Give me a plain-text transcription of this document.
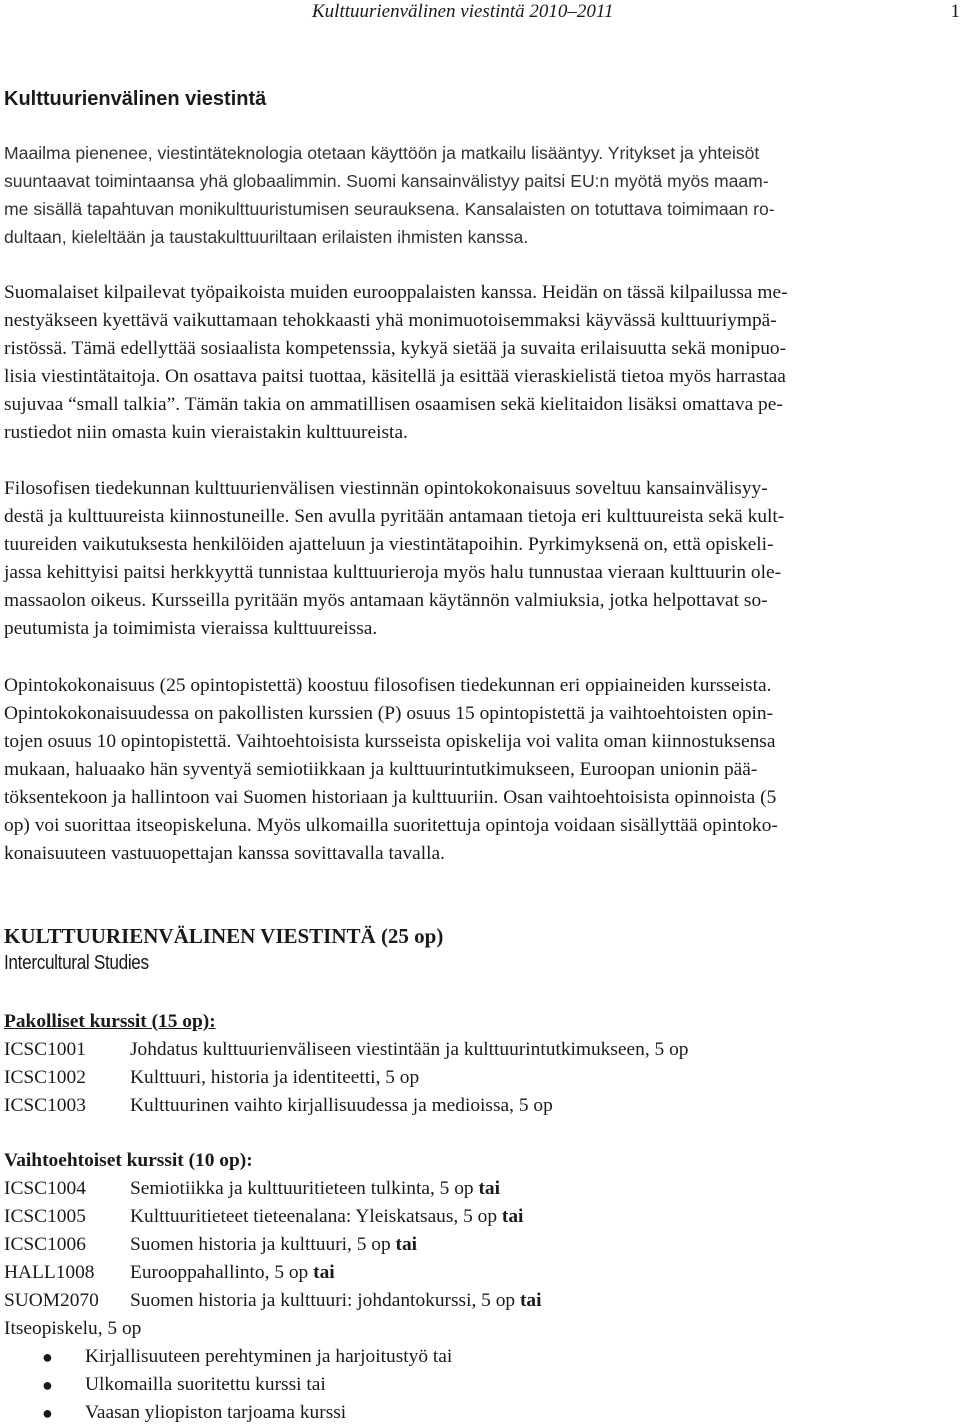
Kulttuurienvälinen viestintä 2010–2011	1
Kulttuurienvälinen viestintä
Maailma pienenee, viestintäteknologia otetaan käyttöön ja matkailu lisääntyy. Yritykset ja yhteisöt
suuntaavat toimintaansa yhä globaalimmin. Suomi kansainvälistyy paitsi EU:n myötä myös maam-
me sisällä tapahtuvan monikulttuuristumisen seurauksena. Kansalaisten on totuttava toimimaan ro-
dultaan, kieleltään ja taustakulttuuriltaan erilaisten ihmisten kanssa.
Suomalaiset kilpailevat työpaikoista muiden eurooppalaisten kanssa. Heidän on tässä kilpailussa me-
nestyäkseen kyettävä vaikuttamaan tehokkaasti yhä monimuotoisemmaksi käyvässä kulttuuriympä-
ristössä. Tämä edellyttää sosiaalista kompetenssia, kykyä sietää ja suvaita erilaisuutta sekä monipuo-
lisia viestintätaitoja. On osattava paitsi tuottaa, käsitellä ja esittää vieraskielistä tietoa myös harrastaa
sujuvaa “small talkia”. Tämän takia on ammatillisen osaamisen sekä kielitaidon lisäksi omattava pe-
rustiedot niin omasta kuin vieraistakin kulttuureista.
Filosofisen tiedekunnan kulttuurienvälisen viestinnän opintokokonaisuus soveltuu kansainvälisyy-
destä ja kulttuureista kiinnostuneille. Sen avulla pyritään antamaan tietoja eri kulttuureista sekä kult-
tuureiden vaikutuksesta henkilöiden ajatteluun ja viestintätapoihin. Pyrkimyksenä on, että opiskeli-
jassa kehittyisi paitsi herkkyyttä tunnistaa kulttuurieroja myös halu tunnustaa vieraan kulttuurin ole-
massaolon oikeus. Kursseilla pyritään myös antamaan käytännön valmiuksia, jotka helpottavat so-
peutumista ja toimimista vieraissa kulttuureissa.
Opintokokonaisuus (25 opintopistettä) koostuu filosofisen tiedekunnan eri oppiaineiden kursseista.
Opintokokonaisuudessa on pakollisten kurssien (P) osuus 15 opintopistettä ja vaihtoehtoisten opin-
tojen osuus 10 opintopistettä. Vaihtoehtoisista kursseista opiskelija voi valita oman kiinnostuksensa
mukaan, haluaako hän syventyä semiotiikkaan ja kulttuurintutkimukseen, Euroopan unionin pää-
töksentekoon ja hallintoon vai Suomen historiaan ja kulttuuriin. Osan vaihtoehtoisista opinnoista (5
op) voi suorittaa itseopiskeluna. Myös ulkomailla suoritettuja opintoja voidaan sisällyttää opintoko-
konaisuuteen vastuuopettajan kanssa sovittavalla tavalla.
KULTTUURIENVÄLINEN VIESTINTÄ (25 op)
Intercultural Studies
Pakolliset kurssit (15 op):
ICSC1001 Johdatus kulttuurienväliseen viestintään ja kulttuurintutkimukseen, 5 op
ICSC1002 Kulttuuri, historia ja identiteetti, 5 op
ICSC1003 Kulttuurinen vaihto kirjallisuudessa ja medioissa, 5 op
Vaihtoehtoiset kurssit (10 op):
ICSC1004 Semiotiikka ja kulttuuritieteen tulkinta, 5 op tai
ICSC1005 Kulttuuritieteet tieteenalana: Yleiskatsaus, 5 op tai
ICSC1006 Suomen historia ja kulttuuri, 5 op tai
HALL1008 Eurooppahallinto, 5 op tai
SUOM2070 Suomen historia ja kulttuuri: johdantokurssi, 5 op tai
Itseopiskelu, 5 op
● Kirjallisuuteen perehtyminen ja harjoitustyö tai
● Ulkomailla suoritettu kurssi tai
● Vaasan yliopiston tarjoama kurssi
